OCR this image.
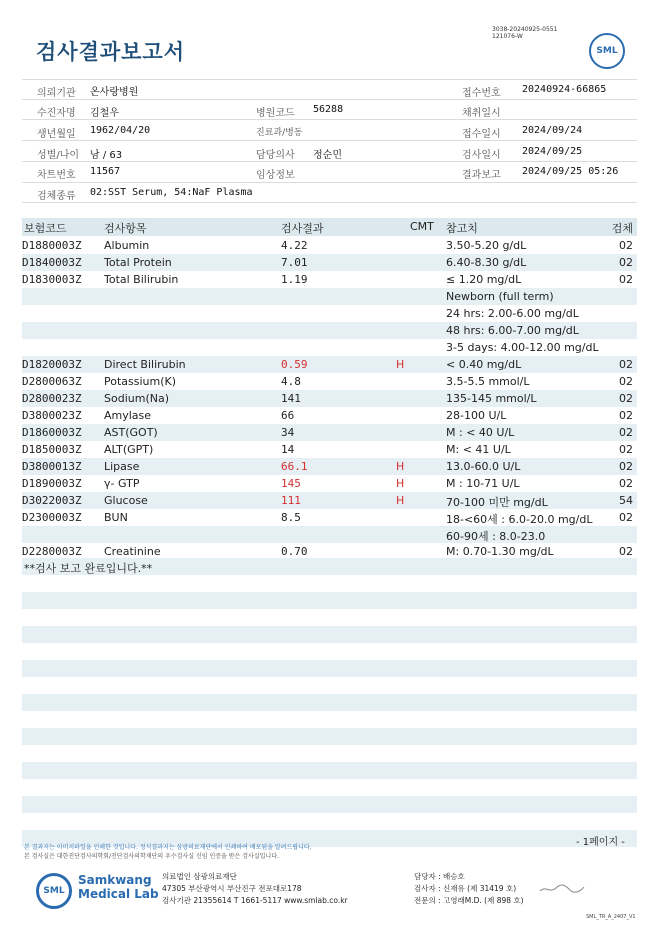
검사결과보고서
3038-20240925-0551
121076-W
SML
의뢰기관 온사랑병원	접수번호 20240924-66865
수진자명 김철우	병원코드 56288	채취일시
생년월일 1962/04/20	진료과/병동	접수일시 2024/09/24
성별/나이 남 / 63	담당의사 정순민	검사일시 2024/09/25
차트번호 11567	임상정보	결과보고 2024/09/25 05:26
검체종류 02:SST Serum, 54:NaF Plasma
보험코드	검사항목	검사결과	CMT 참고치	검체
D1880003Z Albumin	4.22	3.50-5.20 g/dL	02
D1840003Z Total Protein	7.01	6.40-8.30 g/dL	02
D1830003Z Total Bilirubin	1.19	≤ 1.20 mg/dL	02
Newborn (full term)
24 hrs: 2.00-6.00 mg/dL
48 hrs: 6.00-7.00 mg/dL
3-5 days: 4.00-12.00 mg/dL
D1820003Z Direct Bilirubin	0.59	H	< 0.40 mg/dL	02
D2800063Z Potassium(K)	4.8	3.5-5.5 mmol/L	02
D2800023Z Sodium(Na)	141	135-145 mmol/L	02
D3800023Z Amylase	66	28-100 U/L	02
D1860003Z AST(GOT)	34	M : < 40 U/L	02
D1850003Z ALT(GPT)	14	M: < 41 U/L	02
D3800013Z Lipase	66.1	H	13.0-60.0 U/L	02
D1890003Z γ- GTP	145	H	M : 10-71 U/L	02
D3022003Z Glucose	111	H	70-100 미만 mg/dL	54
D2300003Z BUN	8.5	18-<60세 : 6.0-20.0 mg/dL 02
60-90세 : 8.0-23.0
D2280003Z Creatinine	0.70	M: 0.70-1.30 mg/dL	02
**검사 보고 완료입니다.**
본 결과지는 이미지파일을 인쇄한 것입니다. 정식결과지는 삼광의료재단에서 인쇄하여 배포됨을 알려드립니다.
본 검사실은 대한진단검사의학회/진단검사의학재단의 우수검사실 신임 인증을 받은 검사실입니다.
- 1페이지 -
SML
Samkwang
Medical Lab
의료법인 삼광의료재단
47305 부산광역시 부산진구 전포대로178
검사기관 21355614 T 1661-5117 www.smlab.co.kr
담당자 : 배승호
검사자 : 신재유 (제 31419 호)
전문의 : 고영래M.D. (제 898 호)
SML_TR_A_2407_V1
